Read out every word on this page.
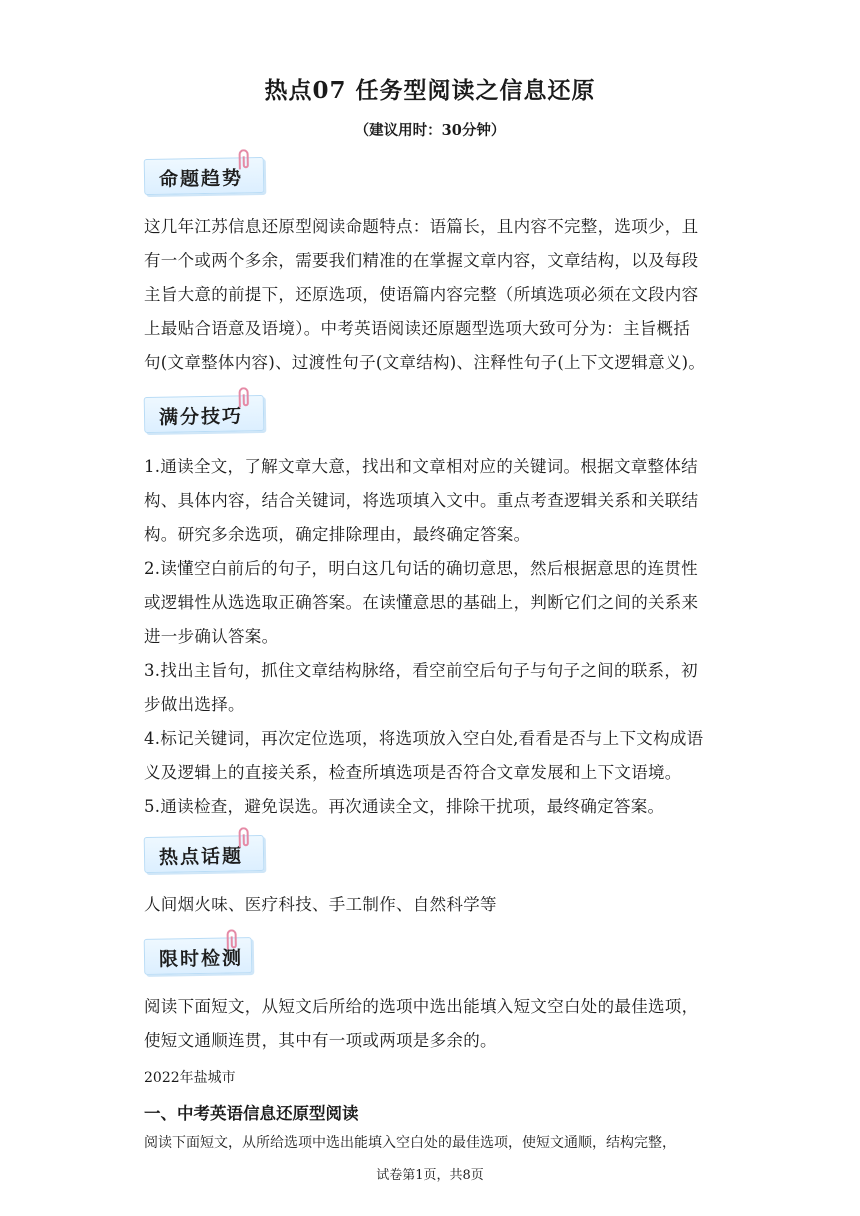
热点07 任务型阅读之信息还原
（建议用时：30分钟）
命题趋势
这几年江苏信息还原型阅读命题特点：语篇长，且内容不完整，选项少，且
有一个或两个多余，需要我们精准的在掌握文章内容，文章结构，以及每段
主旨大意的前提下，还原选项，使语篇内容完整（所填选项必须在文段内容
上最贴合语意及语境）。中考英语阅读还原题型选项大致可分为：主旨概括
句(文章整体内容)、过渡性句子(文章结构)、注释性句子(上下文逻辑意义)。
满分技巧
1.通读全文，了解文章大意，找出和文章相对应的关键词。根据文章整体结
构、具体内容，结合关键词，将选项填入文中。重点考查逻辑关系和关联结
构。研究多余选项，确定排除理由，最终确定答案。
2.读懂空白前后的句子，明白这几句话的确切意思，然后根据意思的连贯性
或逻辑性从选选取正确答案。在读懂意思的基础上，判断它们之间的关系来
进一步确认答案。
3.找出主旨句，抓住文章结构脉络，看空前空后句子与句子之间的联系，初
步做出选择。
4.标记关键词，再次定位选项，将选项放入空白处,看看是否与上下文构成语
义及逻辑上的直接关系，检查所填选项是否符合文章发展和上下文语境。
5.通读检查，避免误选。再次通读全文，排除干扰项，最终确定答案。
热点话题
人间烟火味、医疗科技、手工制作、自然科学等
限时检测
阅读下面短文，从短文后所给的选项中选出能填入短文空白处的最佳选项，
使短文通顺连贯，其中有一项或两项是多余的。
2022年盐城市
一、中考英语信息还原型阅读
阅读下面短文，从所给选项中选出能填入空白处的最佳选项，使短文通顺，结构完整，
试卷第1页，共8页
